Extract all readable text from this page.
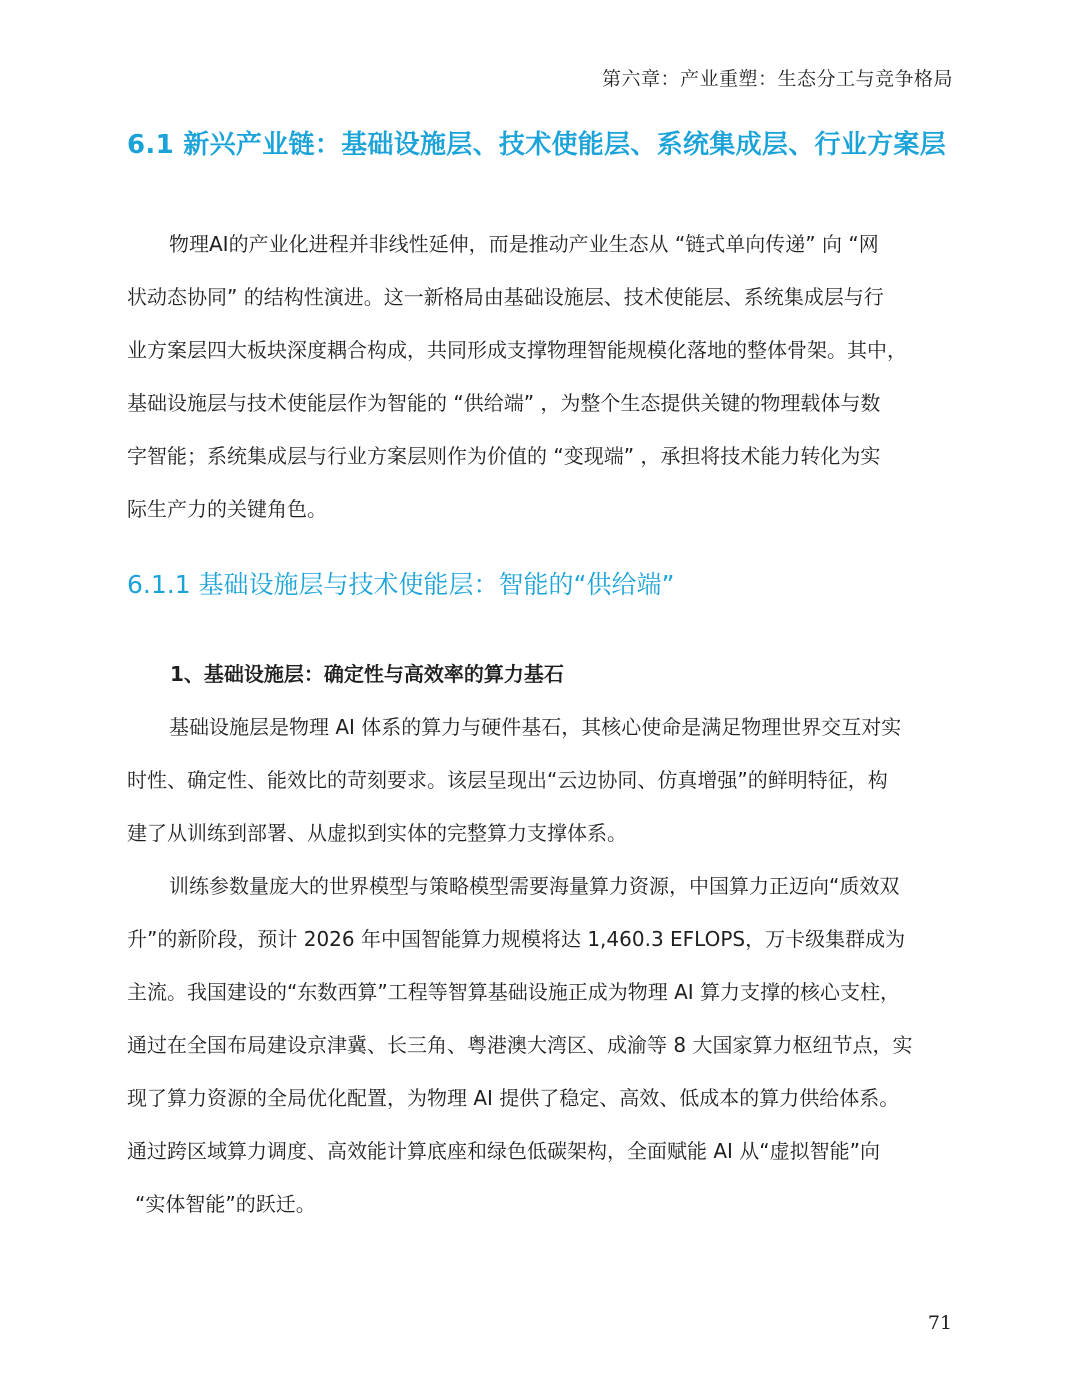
第六章：产业重塑：生态分工与竞争格局
6.1 新兴产业链：基础设施层、技术使能层、系统集成层、行业方案层

物理AI的产业化进程并非线性延伸，而是推动产业生态从 “链式单向传递” 向 “网
状动态协同” 的结构性演进。这一新格局由基础设施层、技术使能层、系统集成层与行
业方案层四大板块深度耦合构成，共同形成支撑物理智能规模化落地的整体骨架。其中，
基础设施层与技术使能层作为智能的 “供给端” ，为整个生态提供关键的物理载体与数
字智能；系统集成层与行业方案层则作为价值的 “变现端” ，承担将技术能力转化为实
际生产力的关键角色。

6.1.1 基础设施层与技术使能层：智能的“供给端”
1、基础设施层：确定性与高效率的算力基石

基础设施层是物理 AI 体系的算力与硬件基石，其核心使命是满足物理世界交互对实
时性、确定性、能效比的苛刻要求。该层呈现出“云边协同、仿真增强”的鲜明特征，构
建了从训练到部署、从虚拟到实体的完整算力支撑体系。

训练参数量庞大的世界模型与策略模型需要海量算力资源，中国算力正迈向“质效双
升”的新阶段，预计 2026 年中国智能算力规模将达 1,460.3 EFLOPS，万卡级集群成为
主流。我国建设的“东数西算”工程等智算基础设施正成为物理 AI 算力支撑的核心支柱，
通过在全国布局建设京津冀、长三角、粤港澳大湾区、成渝等 8 大国家算力枢纽节点，实
现了算力资源的全局优化配置，为物理 AI 提供了稳定、高效、低成本的算力供给体系。
通过跨区域算力调度、高效能计算底座和绿色低碳架构，全面赋能 AI 从“虚拟智能”向
“实体智能”的跃迁。

71
